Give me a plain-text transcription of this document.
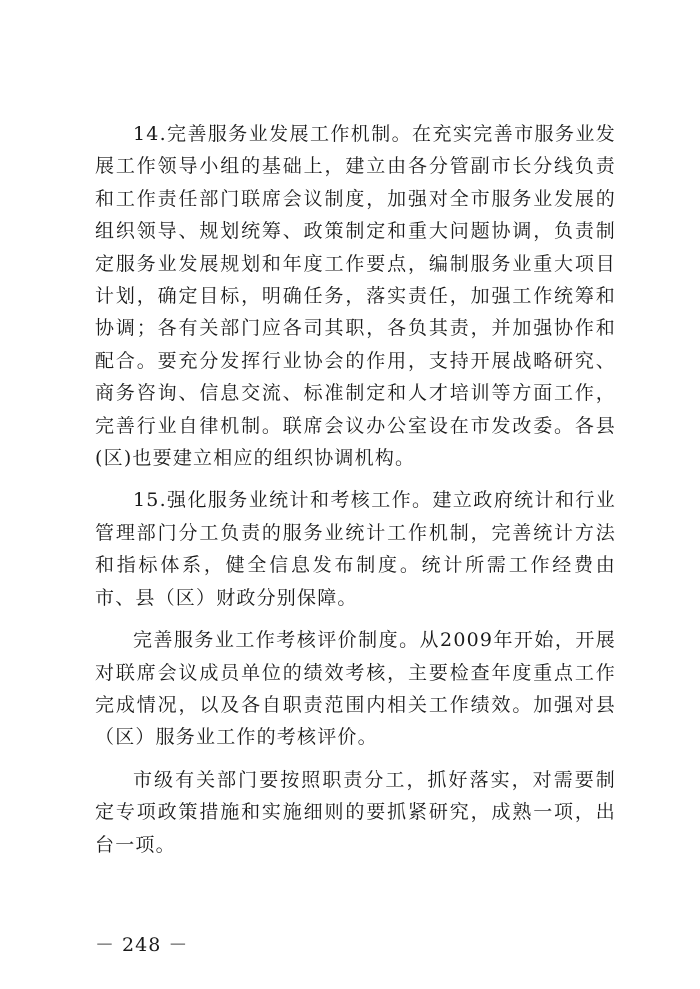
14.完善服务业发展工作机制。在充实完善市服务业发展工作领导小组的基础上，建立由各分管副市长分线负责和工作责任部门联席会议制度，加强对全市服务业发展的组织领导、规划统筹、政策制定和重大问题协调，负责制定服务业发展规划和年度工作要点，编制服务业重大项目计划，确定目标，明确任务，落实责任，加强工作统筹和协调；各有关部门应各司其职，各负其责，并加强协作和配合。要充分发挥行业协会的作用，支持开展战略研究、商务咨询、信息交流、标准制定和人才培训等方面工作，完善行业自律机制。联席会议办公室设在市发改委。各县(区)也要建立相应的组织协调机构。

15.强化服务业统计和考核工作。建立政府统计和行业管理部门分工负责的服务业统计工作机制，完善统计方法和指标体系，健全信息发布制度。统计所需工作经费由市、县（区）财政分别保障。

完善服务业工作考核评价制度。从2009年开始，开展对联席会议成员单位的绩效考核，主要检查年度重点工作完成情况，以及各自职责范围内相关工作绩效。加强对县（区）服务业工作的考核评价。

市级有关部门要按照职责分工，抓好落实，对需要制定专项政策措施和实施细则的要抓紧研究，成熟一项，出台一项。

－ 248 －
